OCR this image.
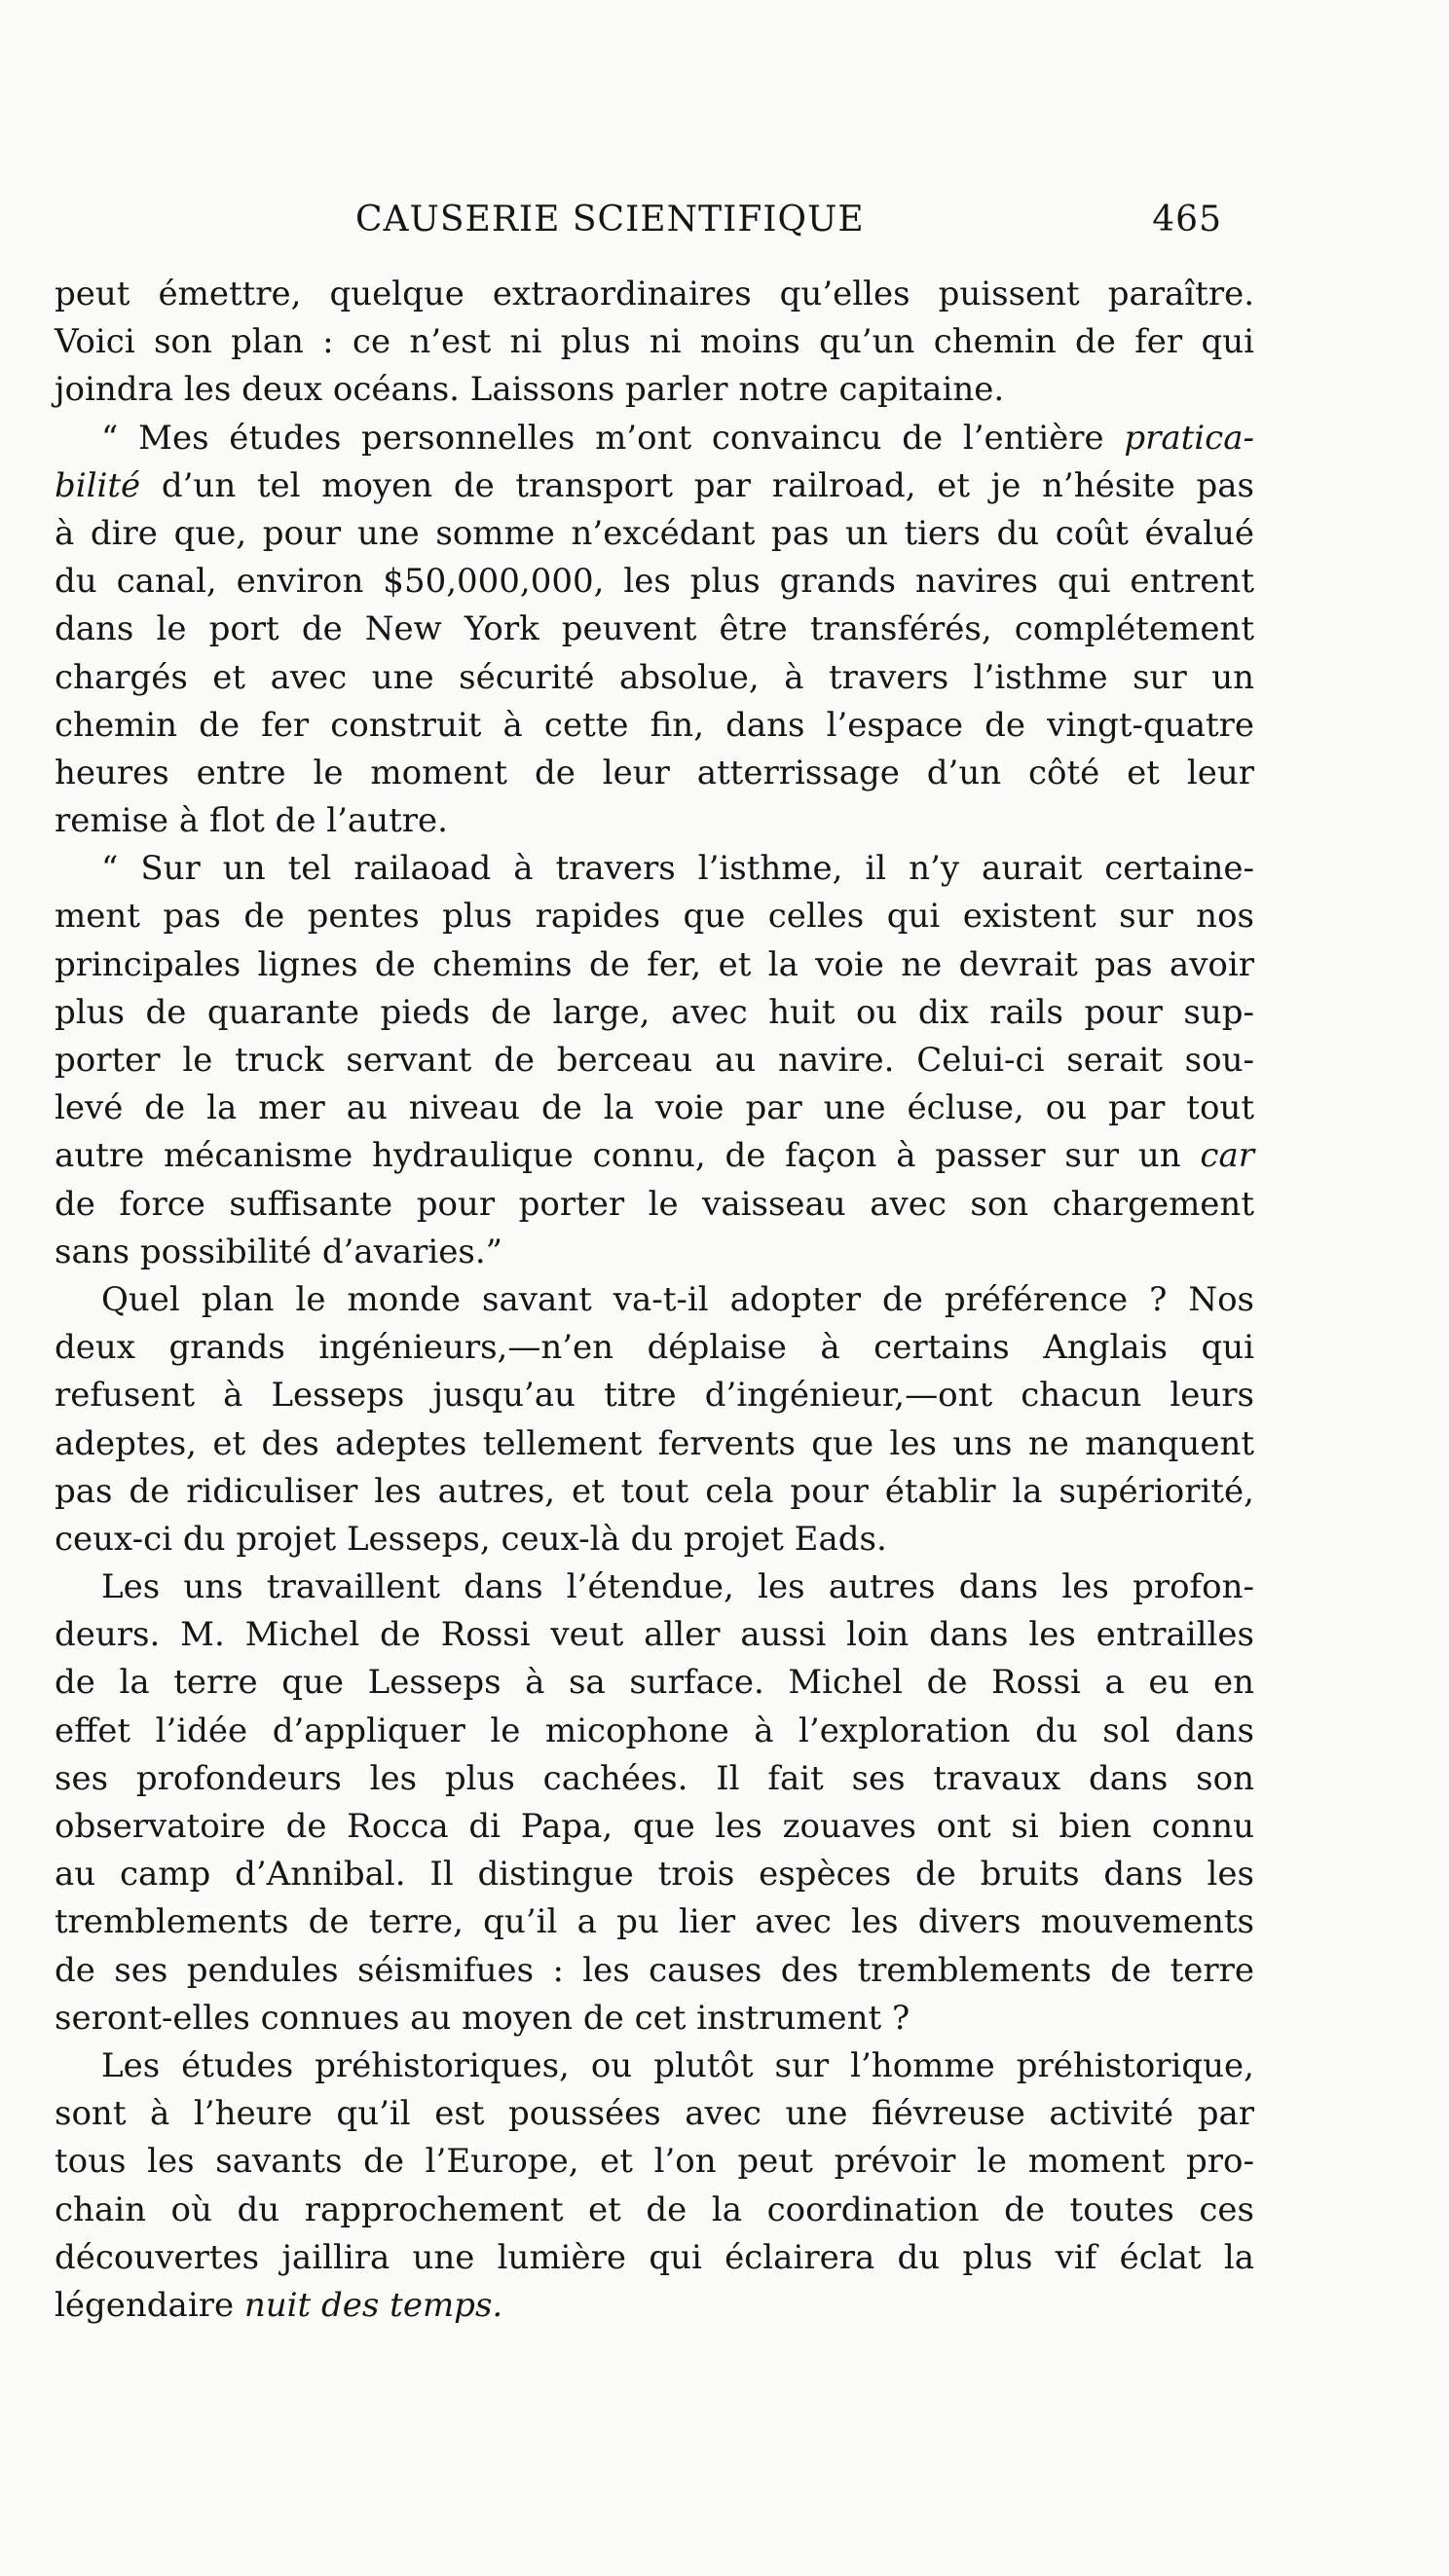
CAUSERIE SCIENTIFIQUE	465
peut émettre, quelque extraordinaires qu’elles puissent paraître.
Voici son plan : ce n’est ni plus ni moins qu’un chemin de fer qui
joindra les deux océans. Laissons parler notre capitaine.
“ Mes études personnelles m’ont convaincu de l’entière pratica-
bilité d’un tel moyen de transport par railroad, et je n’hésite pas
à dire que, pour une somme n’excédant pas un tiers du coût évalué
du canal, environ $50,000,000, les plus grands navires qui entrent
dans le port de New York peuvent être transférés, complétement
chargés et avec une sécurité absolue, à travers l’isthme sur un
chemin de fer construit à cette fin, dans l’espace de vingt-quatre
heures entre le moment de leur atterrissage d’un côté et leur
remise à flot de l’autre.
“ Sur un tel railaoad à travers l’isthme, il n’y aurait certaine-
ment pas de pentes plus rapides que celles qui existent sur nos
principales lignes de chemins de fer, et la voie ne devrait pas avoir
plus de quarante pieds de large, avec huit ou dix rails pour sup-
porter le truck servant de berceau au navire. Celui-ci serait sou-
levé de la mer au niveau de la voie par une écluse, ou par tout
autre mécanisme hydraulique connu, de façon à passer sur un car
de force suffisante pour porter le vaisseau avec son chargement
sans possibilité d’avaries.”
Quel plan le monde savant va-t-il adopter de préférence ? Nos
deux grands ingénieurs,—n’en déplaise à certains Anglais qui
refusent à Lesseps jusqu’au titre d’ingénieur,—ont chacun leurs
adeptes, et des adeptes tellement fervents que les uns ne manquent
pas de ridiculiser les autres, et tout cela pour établir la supériorité,
ceux-ci du projet Lesseps, ceux-là du projet Eads.
Les uns travaillent dans l’étendue, les autres dans les profon-
deurs. M. Michel de Rossi veut aller aussi loin dans les entrailles
de la terre que Lesseps à sa surface. Michel de Rossi a eu en
effet l’idée d’appliquer le micophone à l’exploration du sol dans
ses profondeurs les plus cachées. Il fait ses travaux dans son
observatoire de Rocca di Papa, que les zouaves ont si bien connu
au camp d’Annibal. Il distingue trois espèces de bruits dans les
tremblements de terre, qu’il a pu lier avec les divers mouvements
de ses pendules séismifues : les causes des tremblements de terre
seront-elles connues au moyen de cet instrument ?
Les études préhistoriques, ou plutôt sur l’homme préhistorique,
sont à l’heure qu’il est poussées avec une fiévreuse activité par
tous les savants de l’Europe, et l’on peut prévoir le moment pro-
chain où du rapprochement et de la coordination de toutes ces
découvertes jaillira une lumière qui éclairera du plus vif éclat la
légendaire nuit des temps.
